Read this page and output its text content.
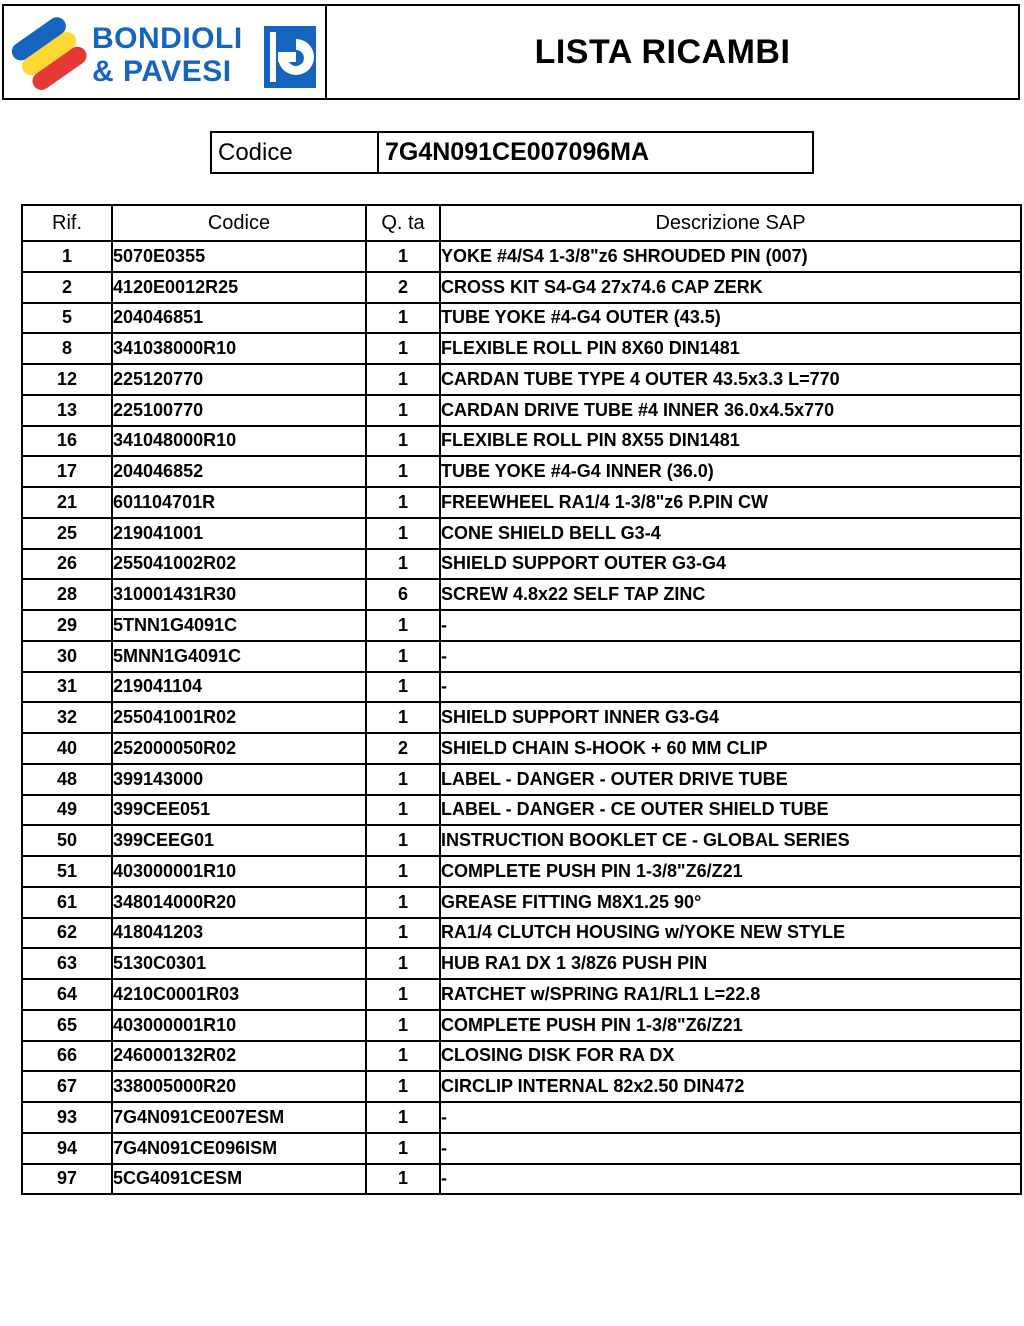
BONDIOLI
& PAVESI
LISTA RICAMBI
Codice	7G4N091CE007096MA
Rif.	Codice	Q. ta	Descrizione SAP
1	5070E0355	1	YOKE #4/S4 1-3/8"z6 SHROUDED PIN (007)
2	4120E0012R25	2	CROSS KIT S4-G4 27x74.6 CAP ZERK
5	204046851	1	TUBE YOKE #4-G4 OUTER (43.5)
8	341038000R10	1	FLEXIBLE ROLL PIN 8X60 DIN1481
12	225120770	1	CARDAN TUBE TYPE 4 OUTER 43.5x3.3 L=770
13	225100770	1	CARDAN DRIVE TUBE #4 INNER 36.0x4.5x770
16	341048000R10	1	FLEXIBLE ROLL PIN 8X55 DIN1481
17	204046852	1	TUBE YOKE #4-G4 INNER (36.0)
21	601104701R	1	FREEWHEEL RA1/4 1-3/8"z6 P.PIN CW
25	219041001	1	CONE SHIELD BELL G3-4
26	255041002R02	1	SHIELD SUPPORT OUTER G3-G4
28	310001431R30	6	SCREW 4.8x22 SELF TAP ZINC
29	5TNN1G4091C	1	-
30	5MNN1G4091C	1	-
31	219041104	1	-
32	255041001R02	1	SHIELD SUPPORT INNER G3-G4
40	252000050R02	2	SHIELD CHAIN S-HOOK + 60 MM CLIP
48	399143000	1	LABEL - DANGER - OUTER DRIVE TUBE
49	399CEE051	1	LABEL - DANGER - CE OUTER SHIELD TUBE
50	399CEEG01	1	INSTRUCTION BOOKLET CE - GLOBAL SERIES
51	403000001R10	1	COMPLETE PUSH PIN 1-3/8"Z6/Z21
61	348014000R20	1	GREASE FITTING M8X1.25 90°
62	418041203	1	RA1/4 CLUTCH HOUSING w/YOKE NEW STYLE
63	5130C0301	1	HUB RA1 DX 1 3/8Z6 PUSH PIN
64	4210C0001R03	1	RATCHET w/SPRING RA1/RL1 L=22.8
65	403000001R10	1	COMPLETE PUSH PIN 1-3/8"Z6/Z21
66	246000132R02	1	CLOSING DISK FOR RA DX
67	338005000R20	1	CIRCLIP INTERNAL 82x2.50 DIN472
93	7G4N091CE007ESM	1	-
94	7G4N091CE096ISM	1	-
97	5CG4091CESM	1	-
